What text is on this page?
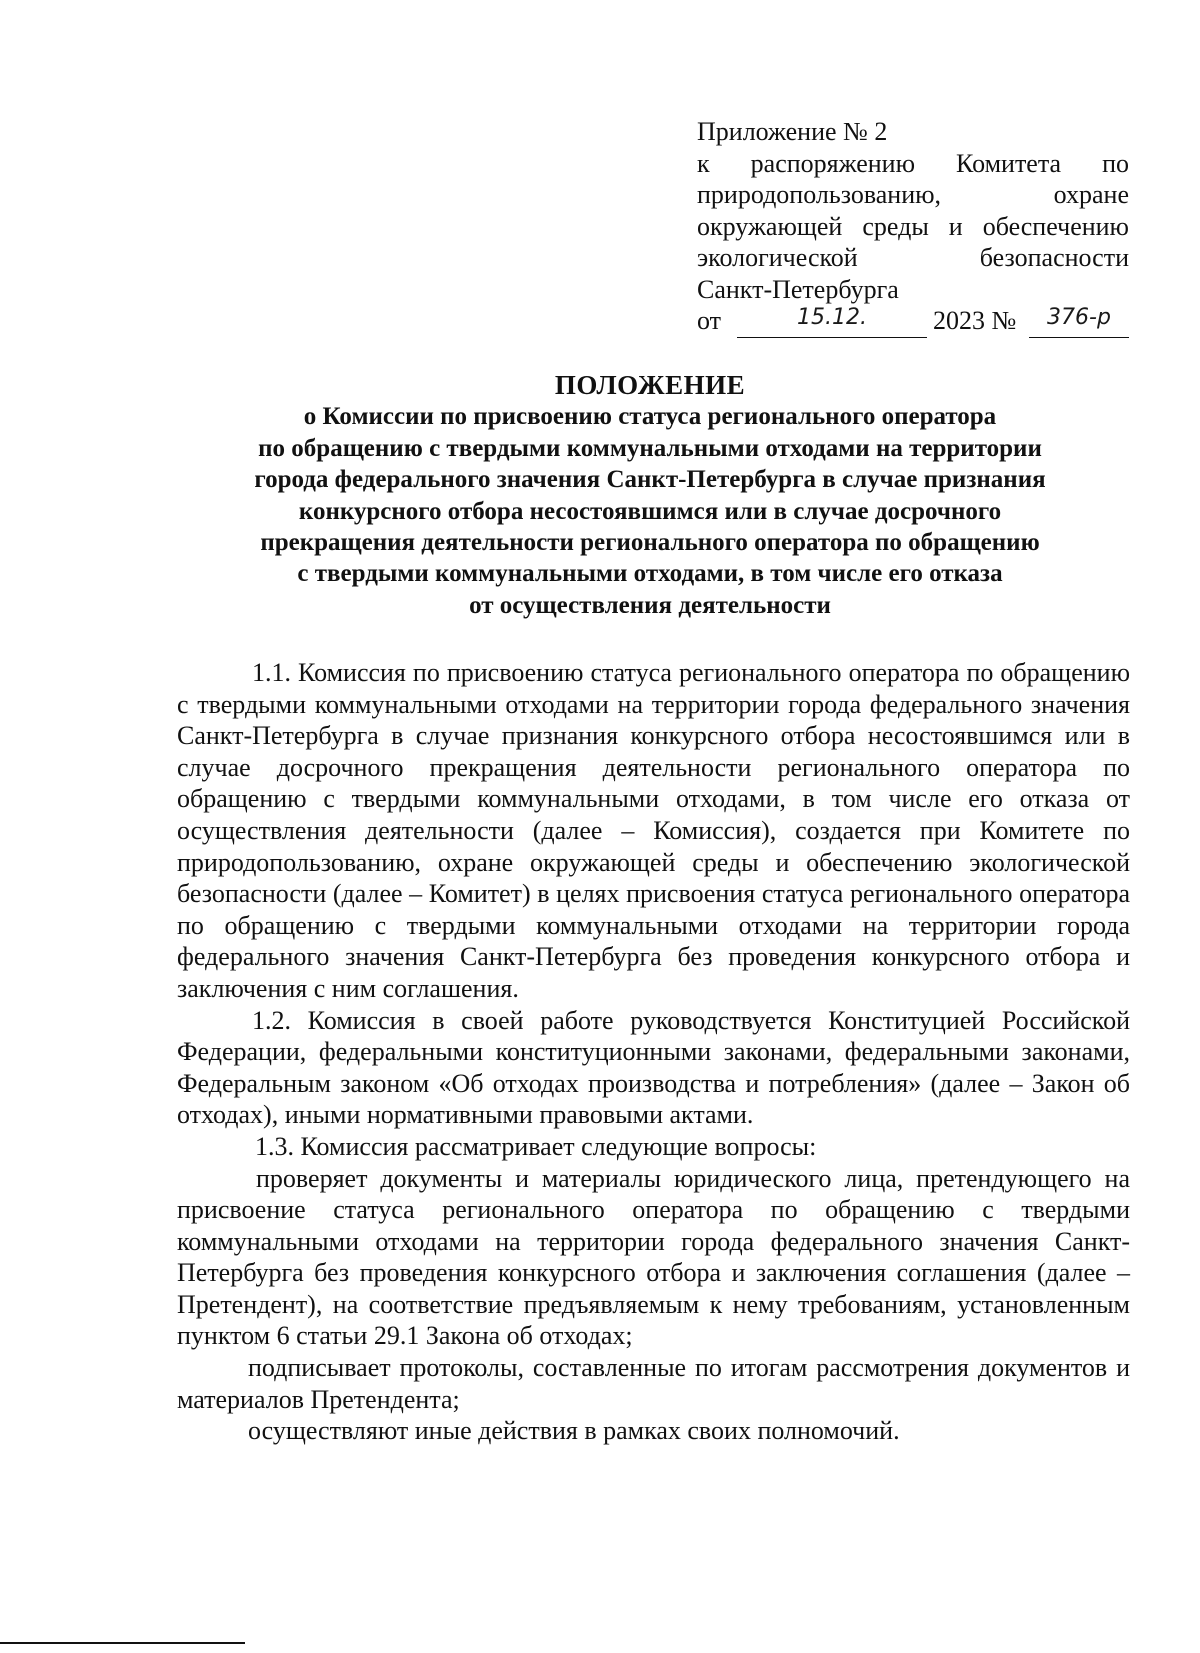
Приложение № 2
к распоряжению Комитета по
природопользованию, охране
окружающей среды и обеспечению
экологической безопасности
Санкт-Петербурга
от	15.12.	2023 №	376-р
ПОЛОЖЕНИЕ
о Комиссии по присвоению статуса регионального оператора
по обращению с твердыми коммунальными отходами на территории
города федерального значения Санкт-Петербурга в случае признания
конкурсного отбора несостоявшимся или в случае досрочного
прекращения деятельности регионального оператора по обращению
с твердыми коммунальными отходами, в том числе его отказа
от осуществления деятельности

1.1. Комиссия по присвоению статуса регионального оператора по обращению с твердыми коммунальными отходами на территории города федерального значения Санкт-Петербурга в случае признания конкурсного отбора несостоявшимся или в случае досрочного прекращения деятельности регионального оператора по обращению с твердыми коммунальными отходами, в том числе его отказа от осуществления деятельности (далее – Комиссия), создается при Комитете по природопользованию, охране окружающей среды и обеспечению экологической безопасности (далее – Комитет) в целях присвоения статуса регионального оператора по обращению с твердыми коммунальными отходами на территории города федерального значения Санкт-Петербурга без проведения конкурсного отбора и заключения с ним соглашения.

1.2. Комиссия в своей работе руководствуется Конституцией Российской Федерации, федеральными конституционными законами, федеральными законами, Федеральным законом «Об отходах производства и потребления» (далее – Закон об отходах), иными нормативными правовыми актами.

1.3. Комиссия рассматривает следующие вопросы:

проверяет документы и материалы юридического лица, претендующего на присвоение статуса регионального оператора по обращению с твердыми коммунальными отходами на территории города федерального значения Санкт-Петербурга без проведения конкурсного отбора и заключения соглашения (далее – Претендент), на соответствие предъявляемым к нему требованиям, установленным пунктом 6 статьи 29.1 Закона об отходах;

подписывает протоколы, составленные по итогам рассмотрения документов и материалов Претендента;

осуществляют иные действия в рамках своих полномочий.
